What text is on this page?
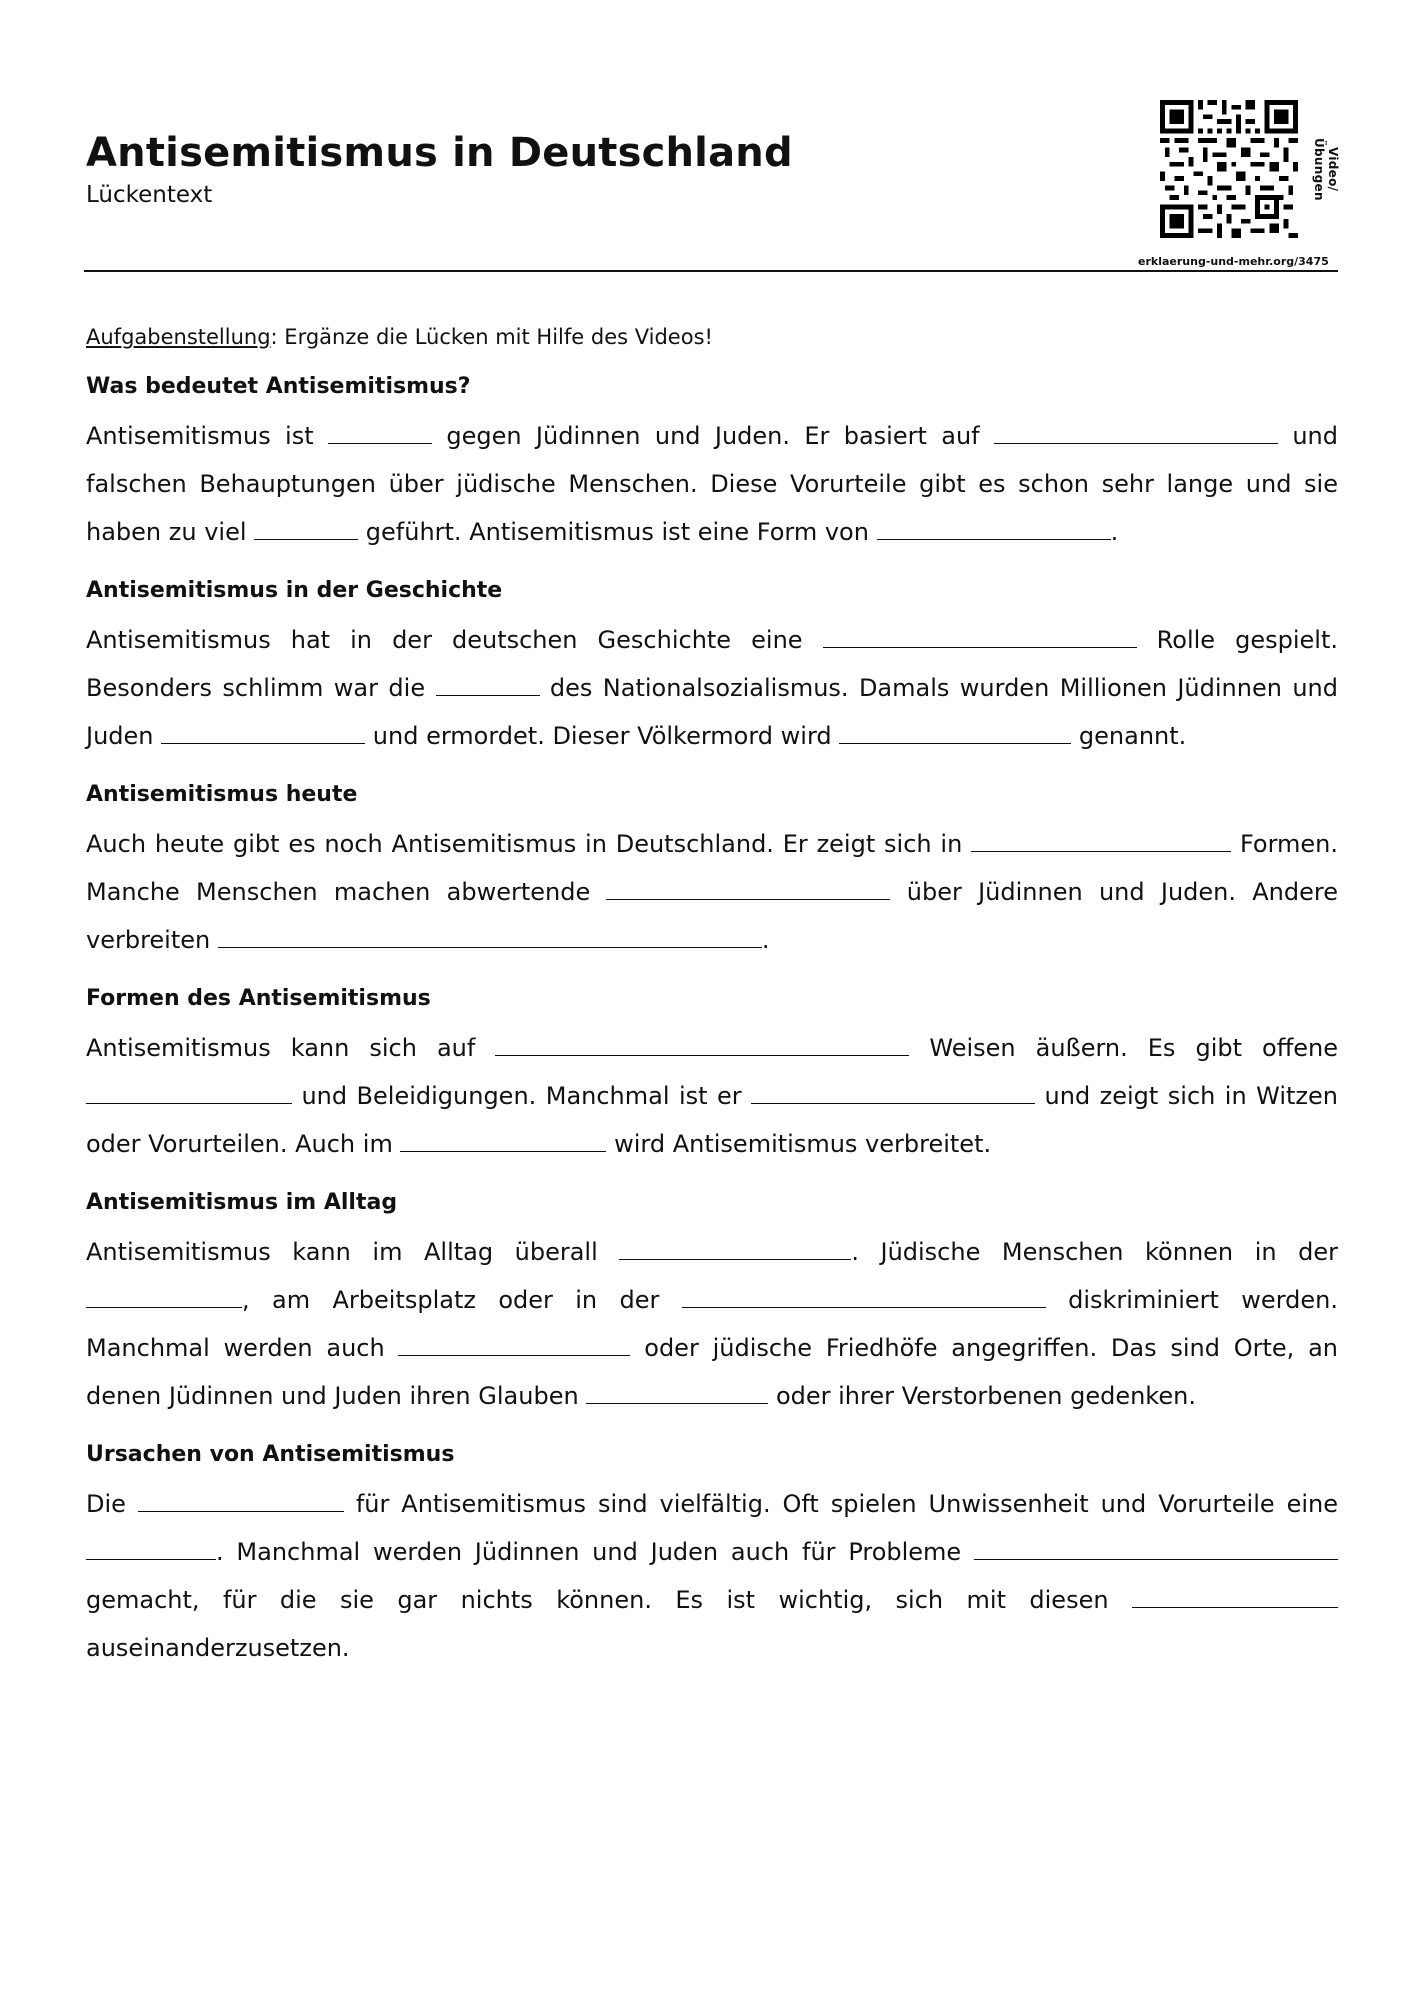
Antisemitismus in Deutschland
Lückentext
Video/Übungen
erklaerung-und-mehr.org/3475

Aufgabenstellung: Ergänze die Lücken mit Hilfe des Videos!

Was bedeutet Antisemitismus?

Antisemitismus ist	gegen Jüdinnen und Juden. Er basiert auf	und falschen Behauptungen über jüdische Menschen. Diese Vorurteile gibt es schon sehr lange und sie haben zu viel	geführt. Antisemitismus ist eine Form von	.

Antisemitismus in der Geschichte

Antisemitismus hat in der deutschen Geschichte eine	Rolle gespielt. Besonders schlimm war die	des Nationalsozialismus. Damals wurden Millionen Jüdinnen und Juden	und ermordet. Dieser Völkermord wird	genannt.

Antisemitismus heute

Auch heute gibt es noch Antisemitismus in Deutschland. Er zeigt sich in	Formen. Manche Menschen machen abwertende	über Jüdinnen und Juden. Andere verbreiten	.

Formen des Antisemitismus

Antisemitismus kann sich auf	Weisen äußern. Es gibt offene  und Beleidigungen. Manchmal ist er	und zeigt sich in Witzen oder Vorurteilen. Auch im	wird Antisemitismus verbreitet.

Antisemitismus im Alltag

Antisemitismus kann im Alltag überall	. Jüdische Menschen können in der , am Arbeitsplatz oder in der	diskriminiert werden. Manchmal werden auch	oder jüdische Friedhöfe angegriffen. Das sind Orte, an denen Jüdinnen und Juden ihren Glauben	oder ihrer Verstorbenen gedenken.

Ursachen von Antisemitismus

Die	für Antisemitismus sind vielfältig. Oft spielen Unwissenheit und Vorurteile eine . Manchmal werden Jüdinnen und Juden auch für Probleme  gemacht, für die sie gar nichts können. Es ist wichtig, sich mit diesen  auseinanderzusetzen.
